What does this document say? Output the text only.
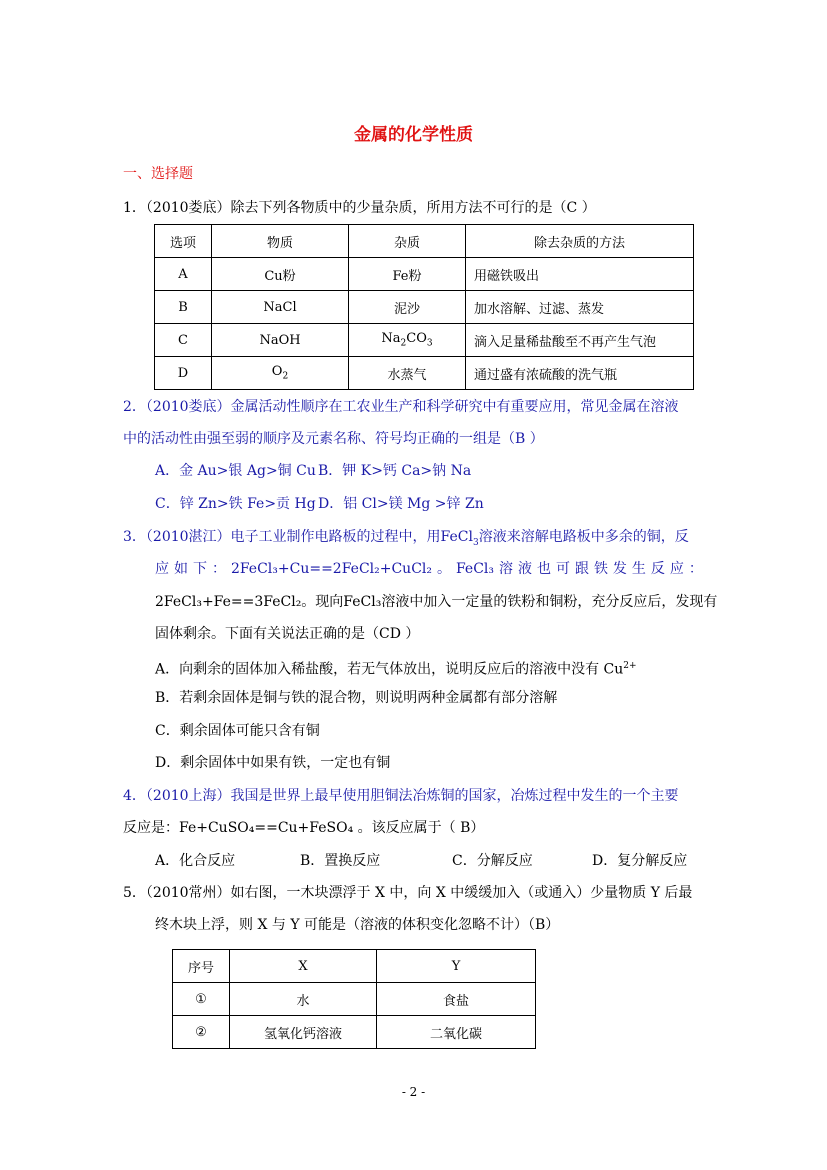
金属的化学性质
一、选择题
1．（2010娄底）除去下列各物质中的少量杂质，所用方法不可行的是（C ）
选项	物质	杂质	除去杂质的方法
A	Cu粉	Fe粉	用磁铁吸出
B	NaCl	泥沙	加水溶解、过滤、蒸发
C	NaOH	$Na_2CO_3$	滴入足量稀盐酸至不再产生气泡
D	$O_2$	水蒸气	通过盛有浓硫酸的洗气瓶
2．（2010娄底）金属活动性顺序在工农业生产和科学研究中有重要应用，常见金属在溶液
中的活动性由强至弱的顺序及元素名称、符号均正确的一组是（B ）
A．金 Au>银 Ag>铜 Cu B．钾 K>钙 Ca>钠 Na
C．锌 Zn>铁 Fe>贡 Hg D．铝 Cl>镁 Mg >锌 Zn
3．（2010湛江）电子工业制作电路板的过程中，用FeCl$_3$溶液来溶解电路板中多余的铜，反
应 如 下 ： 2FeCl₃+Cu==2FeCl₂+CuCl₂ 。 FeCl₃ 溶 液 也 可 跟 铁 发 生 反 应 ：
2FeCl₃+Fe==3FeCl₂。现向FeCl₃溶液中加入一定量的铁粉和铜粉，充分反应后，发现有
固体剩余。下面有关说法正确的是（CD ）
A．向剩余的固体加入稀盐酸，若无气体放出，说明反应后的溶液中没有 $Cu^{2+}$
B．若剩余固体是铜与铁的混合物，则说明两种金属都有部分溶解
C．剩余固体可能只含有铜
D．剩余固体中如果有铁，一定也有铜
4．（2010上海）我国是世界上最早使用胆铜法冶炼铜的国家，冶炼过程中发生的一个主要
反应是：Fe+CuSO₄==Cu+FeSO₄ 。该反应属于（ B）
A．化合反应	B．置换反应	C．分解反应	D．复分解反应
5．（2010常州）如右图，一木块漂浮于 X 中，向 X 中缓缓加入（或通入）少量物质 Y 后最
终木块上浮，则 X 与 Y 可能是（溶液的体积变化忽略不计）（B）
序号	X	Y
①	水	食盐
②	氢氧化钙溶液	二氧化碳
- 2 -
